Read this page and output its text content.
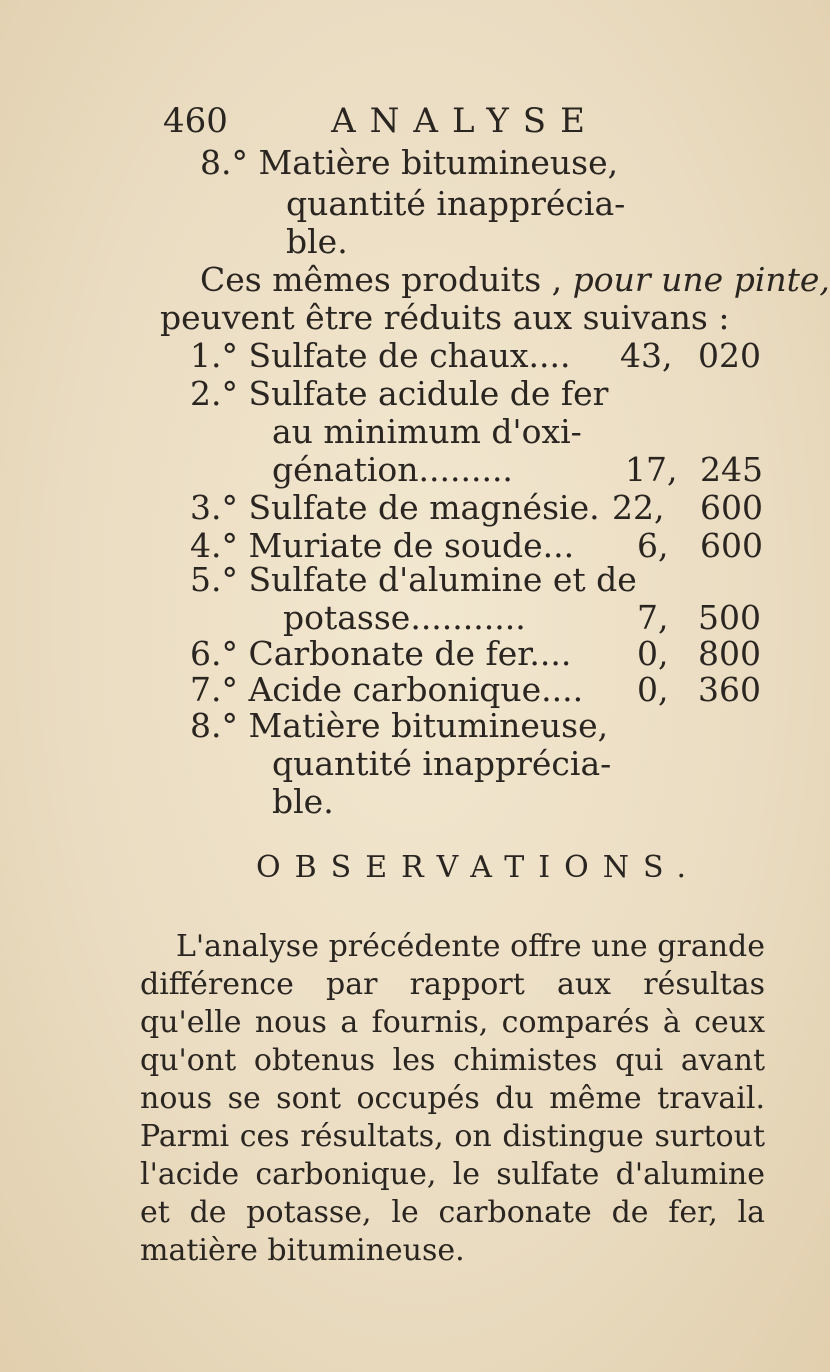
460	ANALYSE
8.° Matière bitumineuse,
quantité inappréciа-
ble.
Ces mêmes produits , pour une pinte,
peuvent être réduits aux suivans :
1.° Sulfate de chaux.... 43, 020
2.° Sulfate acidule de fer
au minimum d'oxi-
génation.........	17, 245
3.° Sulfate de magnésie. 22, 600
4.° Muriate de soude... 6, 600
5.° Sulfate d'alumine et de
potasse...........	7, 500
6.° Carbonate de fer.... 0, 800
7.° Acide carbonique.... 0, 360
8.° Matière bitumineuse,
quantité inappréciа-
ble.
OBSERVATIONS.

L'analyse précédente offre une grande différence par rapport aux résultas qu'elle nous a fournis, comparés à ceux qu'ont obtenus les chimistes qui avant nous se sont occupés du même travail. Parmi ces résultats, on distingue surtout l'acide carbonique, le sulfate d'alumine et de potasse, le carbonate de fer, la matière bitumineuse.
